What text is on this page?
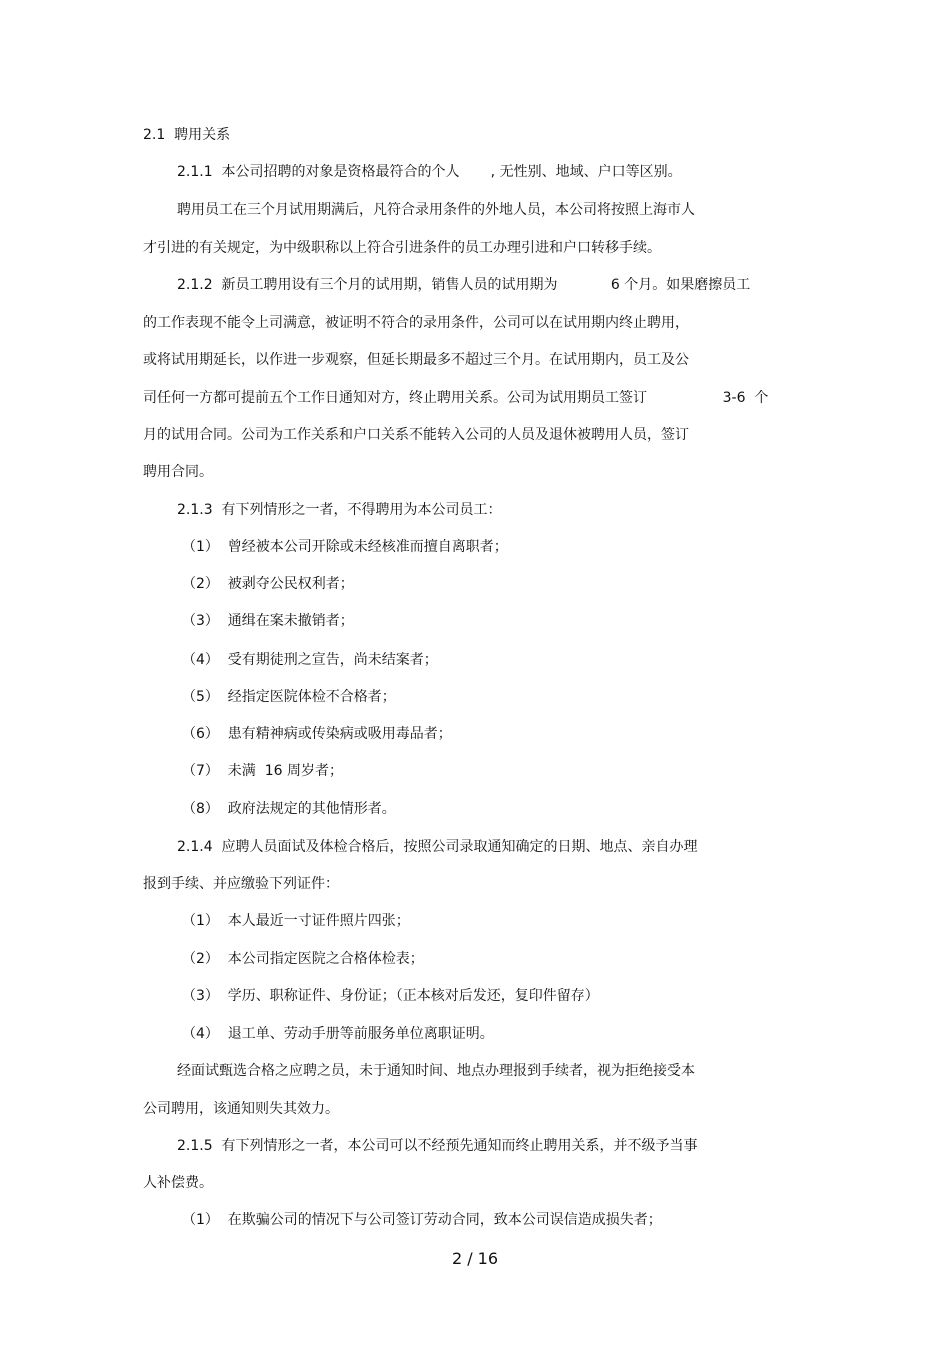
2.1  聘用关系
2.1.1  本公司招聘的对象是资格最符合的个人       , 无性别、地域、户口等区别。
聘用员工在三个月试用期满后，凡符合录用条件的外地人员，本公司将按照上海市人
才引进的有关规定，为中级职称以上符合引进条件的员工办理引进和户口转移手续。
2.1.2  新员工聘用设有三个月的试用期，销售人员的试用期为            6 个月。如果磨擦员工
的工作表现不能令上司满意，被证明不符合的录用条件，公司可以在试用期内终止聘用，
或将试用期延长，以作进一步观察，但延长期最多不超过三个月。在试用期内，员工及公
司任何一方都可提前五个工作日通知对方，终止聘用关系。公司为试用期员工签订                 3-6  个
月的试用合同。公司为工作关系和户口关系不能转入公司的人员及退休被聘用人员，签订
聘用合同。
2.1.3  有下列情形之一者，不得聘用为本公司员工：
（1）  曾经被本公司开除或未经核准而擅自离职者；
（2）  被剥夺公民权利者；
（3）  通缉在案未撤销者；
（4）  受有期徒刑之宣告，尚未结案者；
（5）  经指定医院体检不合格者；
（6）  患有精神病或传染病或吸用毒品者；
（7）  未满  16 周岁者；
（8）  政府法规定的其他情形者。
2.1.4  应聘人员面试及体检合格后，按照公司录取通知确定的日期、地点、亲自办理
报到手续、并应缴验下列证件：
（1）  本人最近一寸证件照片四张；
（2）  本公司指定医院之合格体检表；
（3）  学历、职称证件、身份证；（正本核对后发还，复印件留存）
（4）  退工单、劳动手册等前服务单位离职证明。
经面试甄选合格之应聘之员，未于通知时间、地点办理报到手续者，视为拒绝接受本
公司聘用，该通知则失其效力。
2.1.5  有下列情形之一者，本公司可以不经预先通知而终止聘用关系，并不级予当事
人补偿费。
（1）  在欺骗公司的情况下与公司签订劳动合同，致本公司误信造成损失者；
2 / 16
